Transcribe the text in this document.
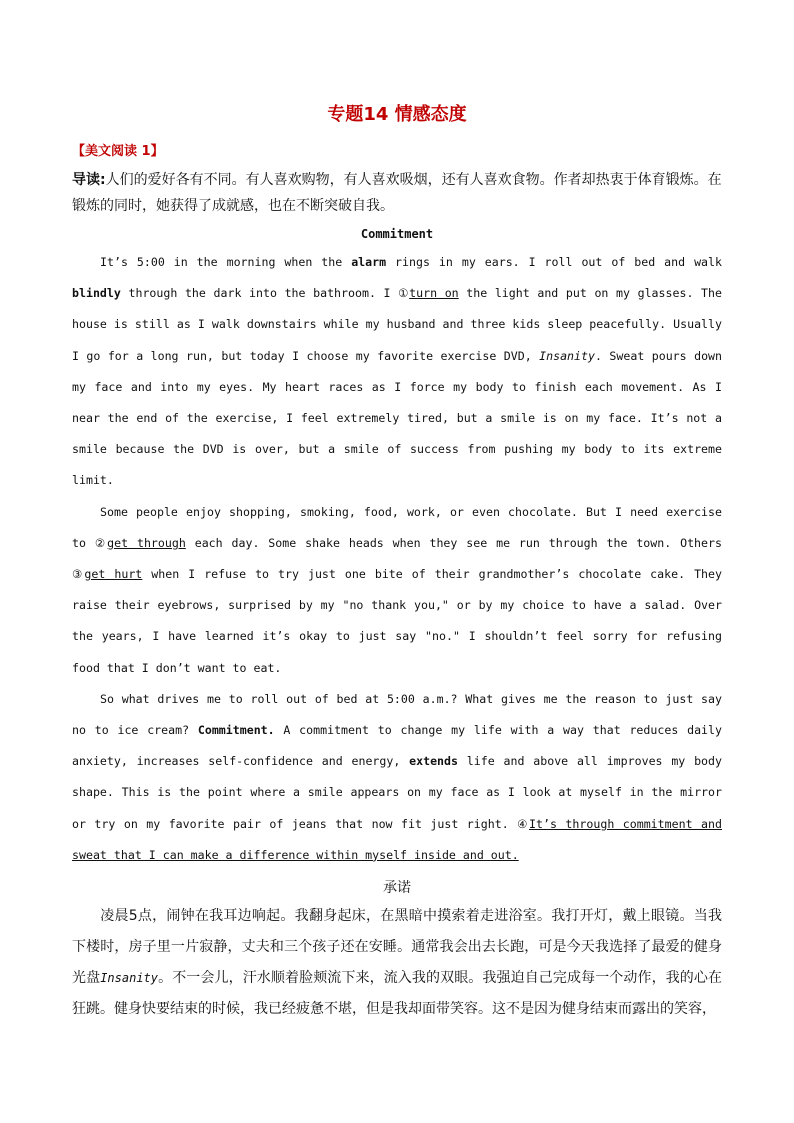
专题14 情感态度
【美文阅读 1】
导读:人们的爱好各有不同。有人喜欢购物，有人喜欢吸烟，还有人喜欢食物。作者却热衷于体育锻炼。在锻炼的同时，她获得了成就感，也在不断突破自我。
Commitment

It’s 5:00 in the morning when the alarm rings in my ears. I roll out of bed and walk blindly through the dark into the bathroom. I ①turn on the light and put on my glasses. The house is still as I walk downstairs while my husband and three kids sleep peacefully. Usually I go for a long run, but today I choose my favorite exercise DVD, Insanity. Sweat pours down my face and into my eyes. My heart races as I force my body to finish each movement. As I near the end of the exercise, I feel extremely tired, but a smile is on my face. It’s not a smile because the DVD is over, but a smile of success from pushing my body to its extreme limit.

Some people enjoy shopping, smoking, food, work, or even chocolate. But I need exercise to ②get through each day. Some shake heads when they see me run through the town. Others ③get hurt when I refuse to try just one bite of their grandmother’s chocolate cake. They raise their eyebrows, surprised by my "no thank you," or by my choice to have a salad. Over the years, I have learned it’s okay to just say "no." I shouldn’t feel sorry for refusing food that I don’t want to eat.

So what drives me to roll out of bed at 5:00 a.m.? What gives me the reason to just say no to ice cream? Commitment. A commitment to change my life with a way that reduces daily anxiety, increases self-confidence and energy, extends life and above all improves my body shape. This is the point where a smile appears on my face as I look at myself in the mirror or try on my favorite pair of jeans that now fit just right. ④It’s through commitment and sweat that I can make a difference within myself inside and out.

承诺

凌晨5点，闹钟在我耳边响起。我翻身起床，在黑暗中摸索着走进浴室。我打开灯，戴上眼镜。当我下楼时，房子里一片寂静，丈夫和三个孩子还在安睡。通常我会出去长跑，可是今天我选择了最爱的健身光盘Insanity。不一会儿，汗水顺着脸颊流下来，流入我的双眼。我强迫自己完成每一个动作，我的心在狂跳。健身快要结束的时候，我已经疲惫不堪，但是我却面带笑容。这不是因为健身结束而露出的笑容，
